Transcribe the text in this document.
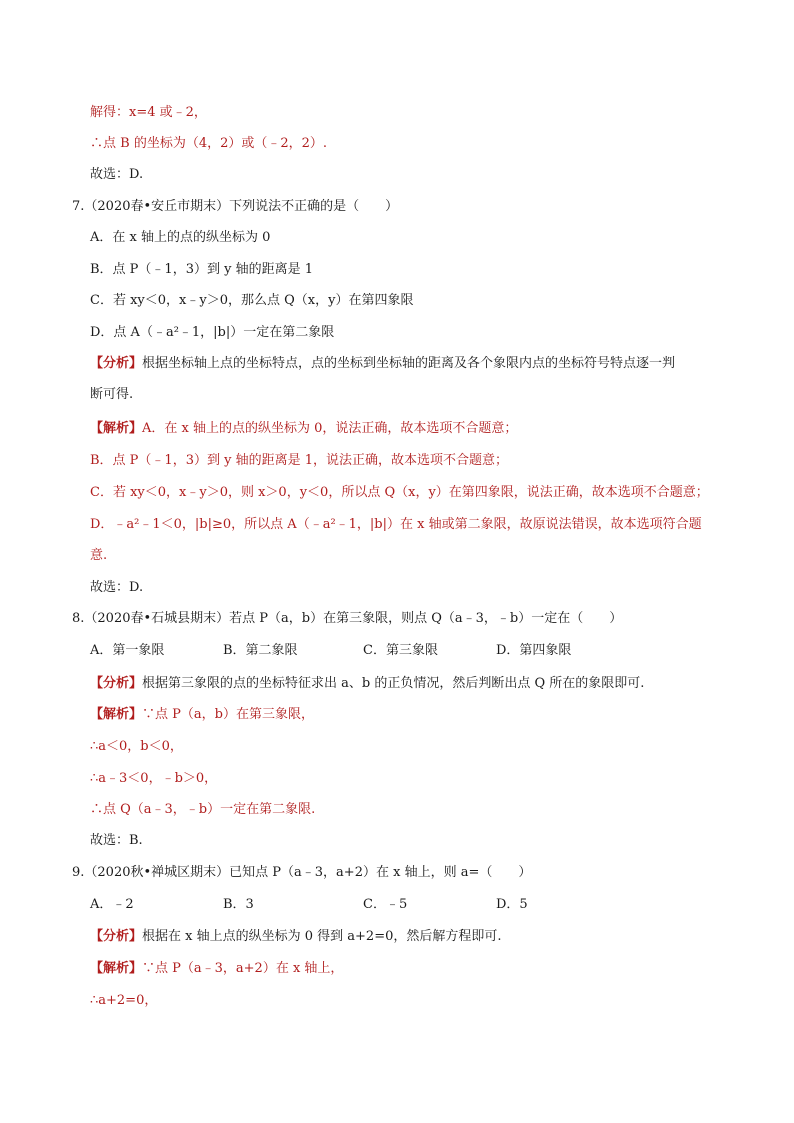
解得：x=4 或﹣2，
∴点 B 的坐标为（4，2）或（﹣2，2）.
故选：D.
7.（2020春•安丘市期末）下列说法不正确的是（　　）
A．在 x 轴上的点的纵坐标为 0
B．点 P（﹣1，3）到 y 轴的距离是 1
C．若 xy＜0，x﹣y＞0，那么点 Q（x，y）在第四象限
D．点 A（﹣a²﹣1，|b|）一定在第二象限
【分析】根据坐标轴上点的坐标特点，点的坐标到坐标轴的距离及各个象限内点的坐标符号特点逐一判
断可得.
【解析】A．在 x 轴上的点的纵坐标为 0，说法正确，故本选项不合题意；
B．点 P（﹣1，3）到 y 轴的距离是 1，说法正确，故本选项不合题意；
C．若 xy＜0，x﹣y＞0，则 x＞0，y＜0，所以点 Q（x，y）在第四象限，说法正确，故本选项不合题意；
D．﹣a²﹣1＜0，|b|≥0，所以点 A（﹣a²﹣1，|b|）在 x 轴或第二象限，故原说法错误，故本选项符合题
意.
故选：D.
8.（2020春•石城县期末）若点 P（a，b）在第三象限，则点 Q（a﹣3，﹣b）一定在（　　）
A．第一象限	B．第二象限	C．第三象限	D．第四象限
【分析】根据第三象限的点的坐标特征求出 a、b 的正负情况，然后判断出点 Q 所在的象限即可.
【解析】∵点 P（a，b）在第三象限，
∴a＜0，b＜0，
∴a﹣3＜0，﹣b＞0，
∴点 Q（a﹣3，﹣b）一定在第二象限.
故选：B.
9.（2020秋•禅城区期末）已知点 P（a﹣3，a+2）在 x 轴上，则 a=（　　）
A．﹣2	B．3	C．﹣5	D．5
【分析】根据在 x 轴上点的纵坐标为 0 得到 a+2=0，然后解方程即可.
【解析】∵点 P（a﹣3，a+2）在 x 轴上，
∴a+2=0，
